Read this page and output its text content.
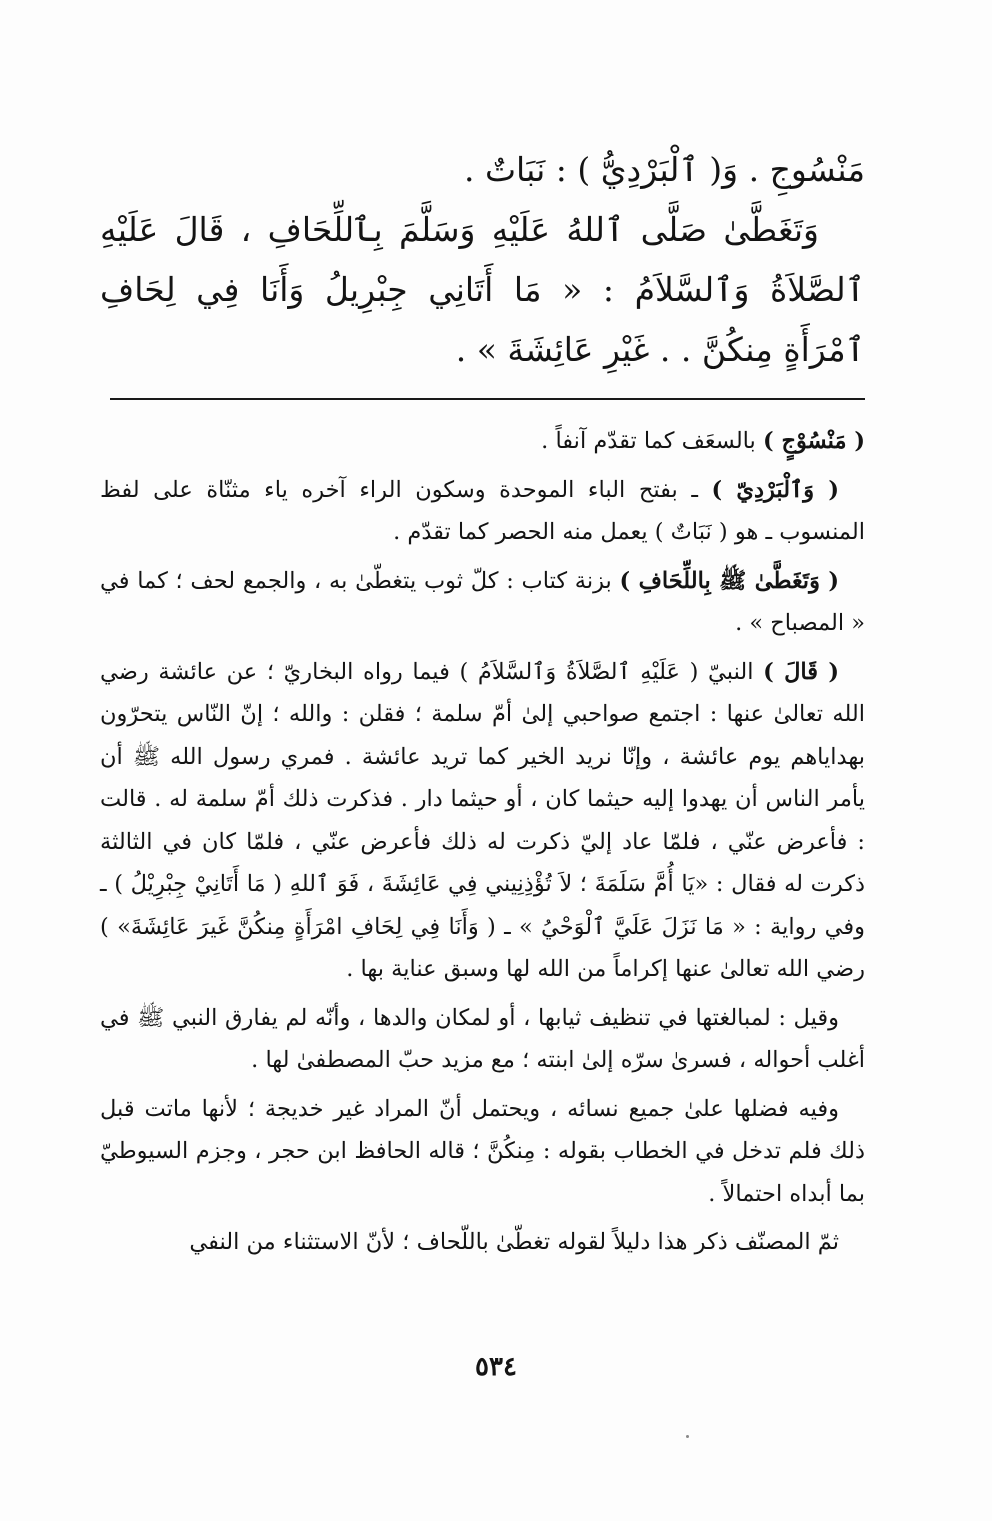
مَنْسُوجِ . وَ( ٱلْبَرْدِيُّ ) : نَبَاتٌ .

وَتَغَطَّىٰ صَلَّى ٱللهُ عَلَيْهِ وَسَلَّمَ بِٱللِّحَافِ ، قَالَ عَلَيْهِ ٱلصَّلاَةُ وَٱلسَّلاَمُ : « مَا أَتَانِي جِبْرِيلُ وَأَنَا فِي لِحَافِ ٱمْرَأَةٍ مِنكُنَّ . . غَيْرِ عَائِشَةَ » .

( مَنْسُوْجٍ ) بالسعَف كما تقدّم آنفاً .

( وَٱلْبَرْدِيّ ) ـ بفتح الباء الموحدة وسكون الراء آخره ياء مثنّاة على لفظ المنسوب ـ هو ( نَبَاتٌ ) يعمل منه الحصر كما تقدّم .

( وَتَغَطَّىٰ ﷺ بِاللِّحَافِ ) بزنة كتاب : كلّ ثوب يتغطّىٰ به ، والجمع لحف ؛ كما في « المصباح » .

( قَالَ ) النبيّ ( عَلَيْهِ ٱلصَّلاَةُ وَٱلسَّلاَمُ ) فيما رواه البخاريّ ؛ عن عائشة رضي الله تعالىٰ عنها : اجتمع صواحبي إلىٰ أمّ سلمة ؛ فقلن : والله ؛ إنّ النّاس يتحرّون بهداياهم يوم عائشة ، وإنّا نريد الخير كما تريد عائشة . فمري رسول الله ﷺ أن يأمر الناس أن يهدوا إليه حيثما كان ، أو حيثما دار . فذكرت ذلك أمّ سلمة له . قالت : فأعرض عنّي ، فلمّا عاد إليّ ذكرت له ذلك فأعرض عنّي ، فلمّا كان في الثالثة ذكرت له فقال : «يَا أُمَّ سَلَمَةَ ؛ لاَ تُؤْذِنِيني فِي عَائِشَةَ ، فَوَ ٱللهِ ( مَا أَتَانِيْ جِبْرِيْلُ ) ـ وفي رواية : « مَا نَزَلَ عَلَيَّ ٱلْوَحْيُ » ـ ( وَأَنَا فِي لِحَافِ امْرَأَةٍ مِنكُنَّ غَيرَ عَائِشَةَ» ) رضي الله تعالىٰ عنها إكراماً من الله لها وسبق عناية بها .

وقيل : لمبالغتها في تنظيف ثيابها ، أو لمكان والدها ، وأنّه لم يفارق النبي ﷺ في أغلب أحواله ، فسرىٰ سرّه إلىٰ ابنته ؛ مع مزيد حبّ المصطفىٰ لها .

وفيه فضلها علىٰ جميع نسائه ، ويحتمل أنّ المراد غير خديجة ؛ لأنها ماتت قبل ذلك فلم تدخل في الخطاب بقوله : مِنكُنَّ ؛ قاله الحافظ ابن حجر ، وجزم السيوطيّ بما أبداه احتمالاً .

ثمّ المصنّف ذكر هذا دليلاً لقوله تغطّىٰ باللّحاف ؛ لأنّ الاستثناء من النفي

٥٣٤
